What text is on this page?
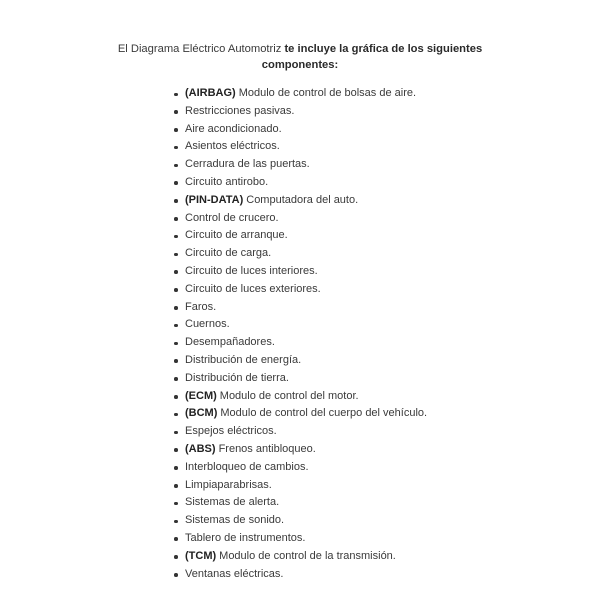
El Diagrama Eléctrico Automotriz te incluye la gráfica de los siguientes componentes:
(AIRBAG) Modulo de control de bolsas de aire.
Restricciones pasivas.
Aire acondicionado.
Asientos eléctricos.
Cerradura de las puertas.
Circuito antirobo.
(PIN-DATA) Computadora del auto.
Control de crucero.
Circuito de arranque.
Circuito de carga.
Circuito de luces interiores.
Circuito de luces exteriores.
Faros.
Cuernos.
Desempañadores.
Distribución de energía.
Distribución de tierra.
(ECM) Modulo de control del motor.
(BCM) Modulo de control del cuerpo del vehículo.
Espejos eléctricos.
(ABS) Frenos antibloqueo.
Interbloqueo de cambios.
Limpiaparabrisas.
Sistemas de alerta.
Sistemas de sonido.
Tablero de instrumentos.
(TCM) Modulo de control de la transmisión.
Ventanas eléctricas.
